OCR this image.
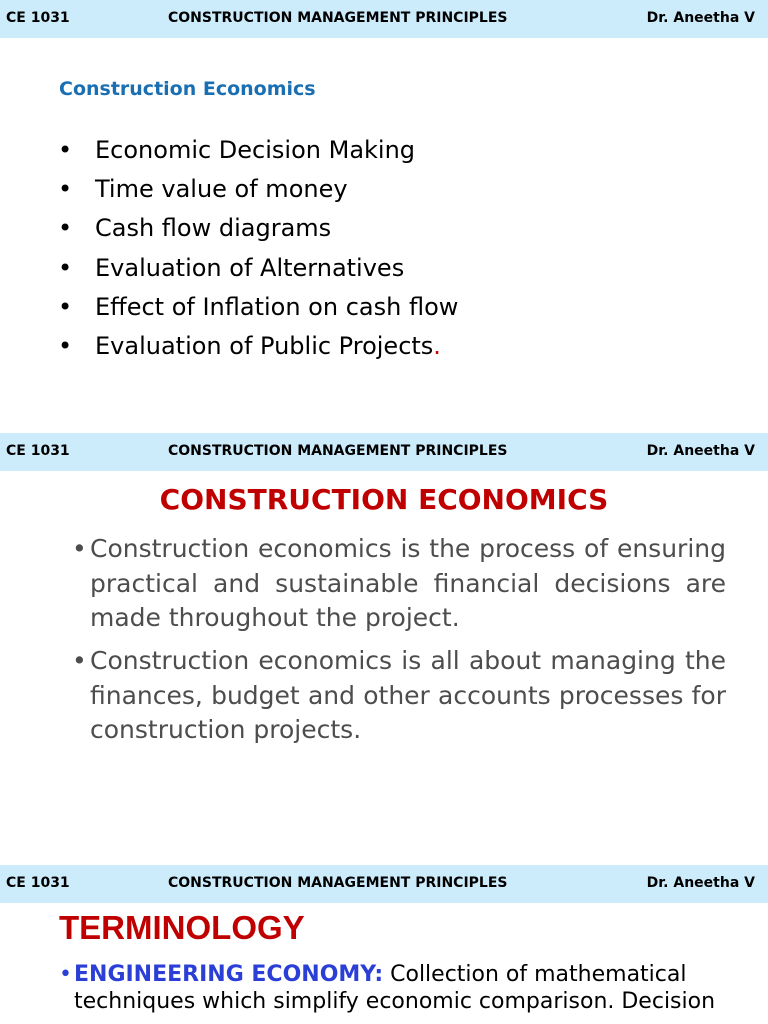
CE 1031	CONSTRUCTION MANAGEMENT PRINCIPLES	Dr. Aneetha V
Construction Economics
• Economic Decision Making
• Time value of money
• Cash flow diagrams
• Evaluation of Alternatives
• Effect of Inflation on cash flow
• Evaluation of Public Projects.
CE 1031	CONSTRUCTION MANAGEMENT PRINCIPLES	Dr. Aneetha V
CONSTRUCTION ECONOMICS
• Construction economics is the process of ensuring practical and sustainable financial decisions are made throughout the project.
• Construction economics is all about managing the finances, budget and other accounts processes for construction projects.
CE 1031	CONSTRUCTION MANAGEMENT PRINCIPLES	Dr. Aneetha V
TERMINOLOGY
• ENGINEERING ECONOMY: Collection of mathematical techniques which simplify economic comparison. Decision
